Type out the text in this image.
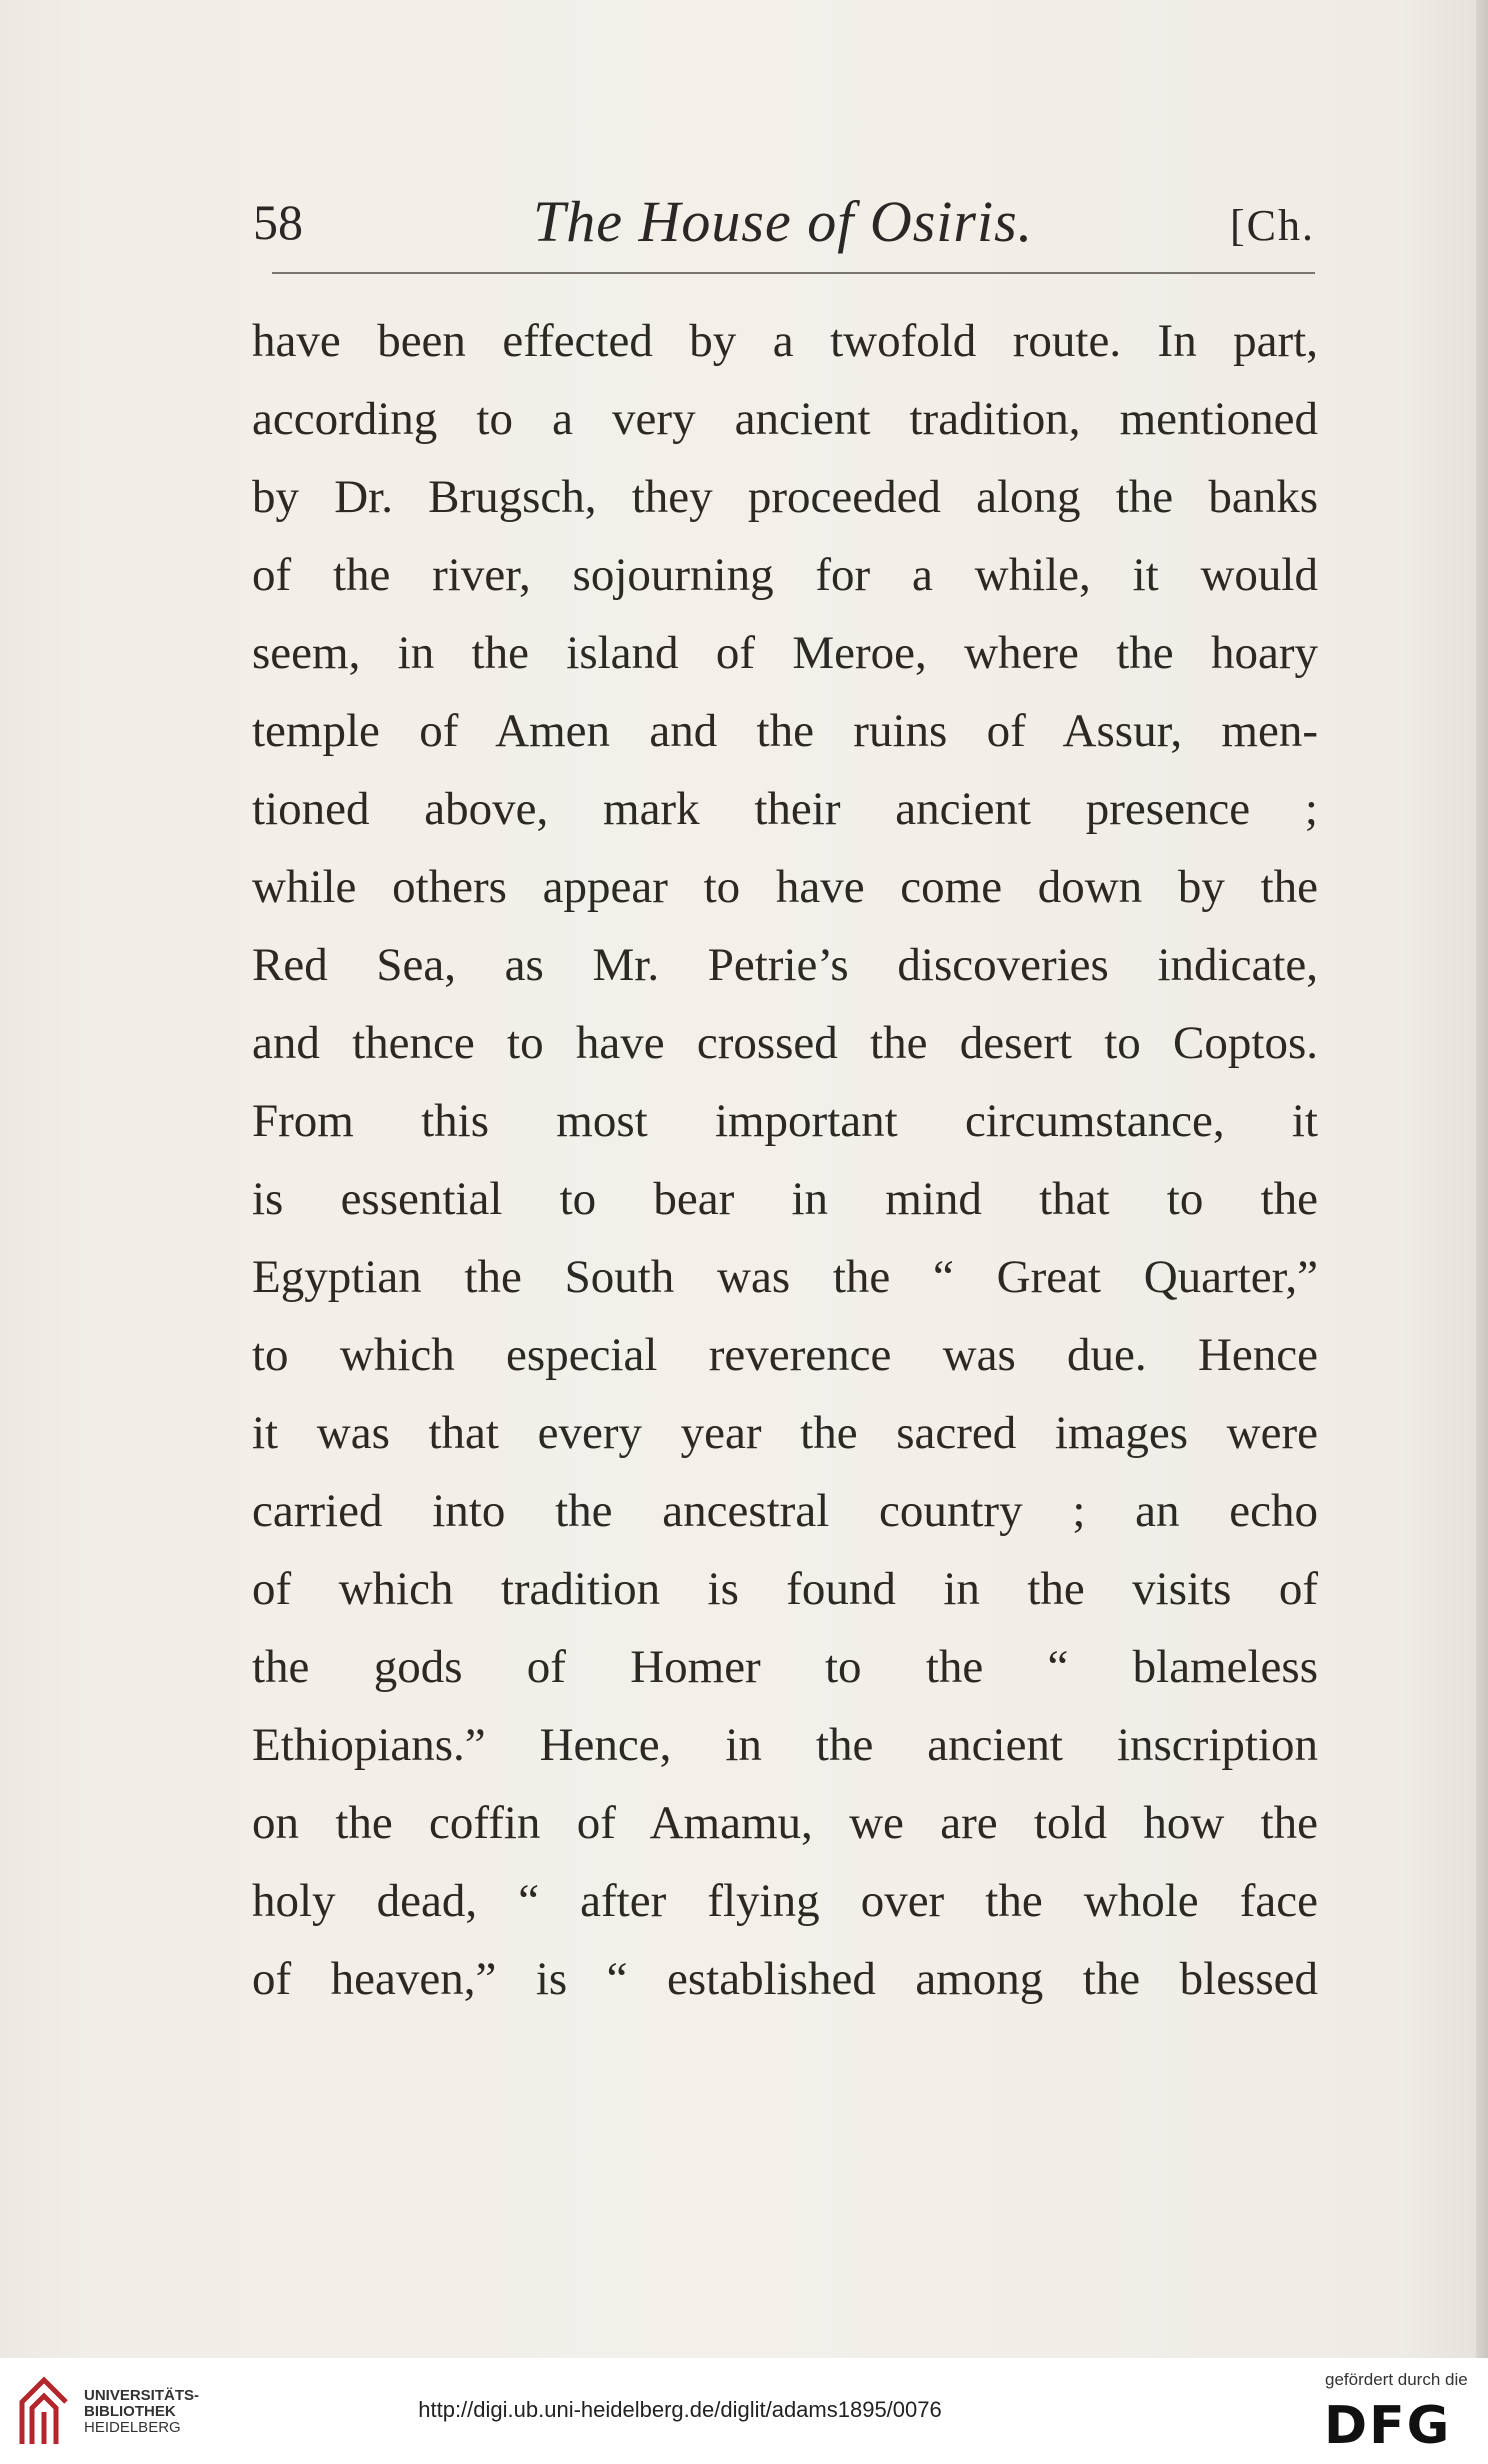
58	The House of Osiris.	[Ch.
have been effected by a twofold route. In part,
according to a very ancient tradition, mentioned
by Dr. Brugsch, they proceeded along the banks
of the river, sojourning for a while, it would
seem, in the island of Meroe, where the hoary
temple of Amen and the ruins of Assur, men-
tioned above, mark their ancient presence ;
while others appear to have come down by the
Red Sea, as Mr. Petrie’s discoveries indicate,
and thence to have crossed the desert to Coptos.
From this most important circumstance, it
is essential to bear in mind that to the
Egyptian the South was the “ Great Quarter,”
to which especial reverence was due. Hence
it was that every year the sacred images were
carried into the ancestral country ; an echo
of which tradition is found in the visits of
the gods of Homer to the “ blameless
Ethiopians.” Hence, in the ancient inscription
on the coffin of Amamu, we are told how the
holy dead, “ after flying over the whole face
of heaven,” is “ established among the blessed
UNIVERSITÄTS-
BIBLIOTHEK
HEIDELBERG
http://digi.ub.uni-heidelberg.de/diglit/adams1895/0076
gefördert durch die
DFG
